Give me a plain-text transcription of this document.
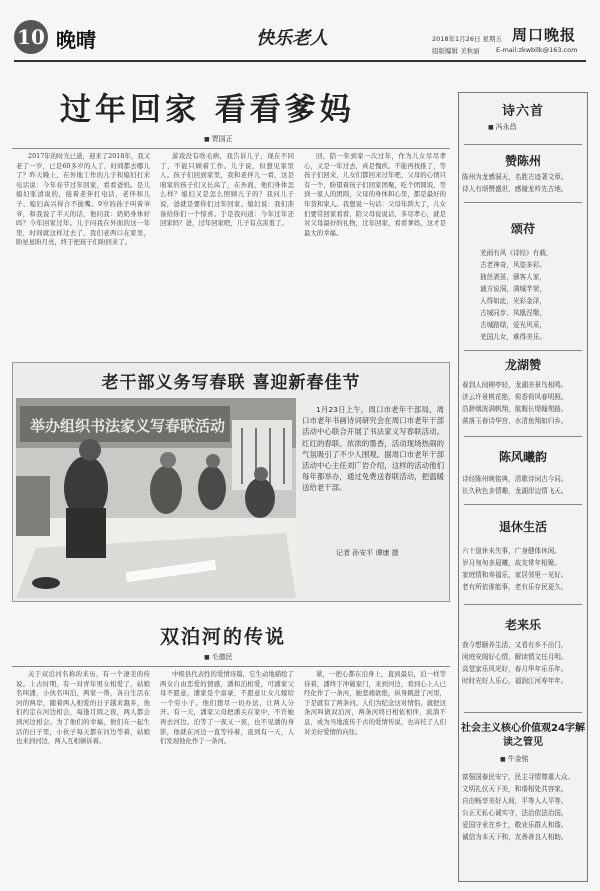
10 晚晴	快乐老人	2018年1月26日 星期五 周口晚报
组版编辑 美秋丽	E-mail:zkwbllk@163.com
过年回家 看看爹妈
■ 贾国正
2017年的时光已逝，迎来了2018年，我又老了一岁，已是60多岁的人了，时间都去哪儿了？昨天晚上，在外地工作的儿子和媳妇打来电话说：今年春节过年回家，看看爸妈。是儿媳妇张清说的，接着老伴打电话，老伴和儿子、媳妇高兴得合不拢嘴。9岁的孙子叫着爷爷，和我说了半天的话，他问我：奶奶身体好吗？今年回家过年。儿子问我在外面的这一年里，时间就这样过去了，我们老两口在家里，盼星星盼月亮，终于把孩子们盼回来了。
游戏没有啥毛病，我告诉儿子，现在不同了，不能只顾着工作。儿子说，但想见家里人。孩子们回到家里，我和老伴儿一看，这是咱家的孩子们又长高了，在外面，他们身体怎么样？媳妇又是怎么照顾儿子的？我问儿子说，爸就是要你们过年回家。媳妇说：我们准备给你们一个惊喜。于是我问道：今年过年还回家吗？爸，过年回家吧，儿子有点害羞了。
回，陪一年到家一次过年，作为儿女尽尽孝心，又是一年过去，真是愧疚。不能再找推了，等孩子们回来，儿女们都回来过年吧，父母的心情只有一个，盼望着孩子们回家团聚，吃个团圆饭，等到一家人的团圆，父母的身体和心里，都是最好的年货和家人。我想说一句话：父母年龄大了，儿女们要常回家看看，陪父母说说话，多尽孝心，就是对父母最好的礼物，过年回家，看看爹妈，这才是最大的幸福。
老干部义务写春联 喜迎新春佳节
举办组织书法家义写春联活动
1月23日上午，周口市老年干部局、周口市老年书画诗词研究会在周口市老年干部活动中心联合开展了书法家义写春联活动。红红的春联、浓浓的墨香，活动现场热闹的气氛吸引了不少人围观。据周口市老年干部活动中心主任刘广岩介绍，这样的活动他们每年都举办，通过免费送春联活动，把温暖送给老干部。
记者 孙安平 谭康 摄
双泊河的传说
■ 毛德民
关于双泊河名称的来历，有一个凄美的传说。上古时期，有一对青年男女相爱了，姑娘名叫潘，小伙名叫泊，两家一帮，各自生活在河的两岸，随着两人相爱的日子越来越多，他们约定在河边相会，每逢月圆之夜，两人都会到河边相会。为了他们的幸福，他们在一起生活的日子里，小伙子每天都在河边等着，姑娘也来到河边，两人互相倾诉着。
中极县代表性的爱情诗篇，它生动地描绘了两女自由恋爱的情感，潘和泊相爱，可潘家父母不愿意，潘家是个富豪，不愿意让女儿嫁给一个穷小子。他们想尽一切办法，让两人分开。有一天，潘家父母把潘关在家中，不许她再去河边。泊等了一夜又一夜，也不见潘的身影，他就在河边一直等待着，直到有一天，人们发现他化作了一条河。
紧，一把心都在泊身上，直到最后，泊一样等待着，潘终于冲破家门，来到河边，看到心上人已经化作了一条河，她悲痛欲绝，纵身跳进了河里，于是就有了两条河。人们为纪念这对情侣，就把这条河叫做双泊河，两条河终日相依相伴，流淌不息，成为当地流传千古的爱情传说，也寄托了人们对美好爱情的向往。
诗六首
■ 冯永昌
赞陈州
陈州为龙感洞天，名胜古迹著文章。
诗人有颂赞盛世，感谢龙吟先古地。
颂苻
羌雨有风《诗经》有载，
古老神奇，风姿多彩。
抽丝剥茧，骚客人家，
通方说洞，满城芊荣，
人得如此，光彩金泽，
古城同步，凤凰涅槃，
古城路绿，爱光风采，
羌国儿女，难得美乐。
龙湖赞
春到人间柳亭轻，龙湖美景鸟相鸣。
济云许景桃花艳，荷香荷风春明照。
浩渺烟波满帆翔，航舰长堤翰苑路。
落落玉春诗华宫，水清鱼翔如归乡。
陈风曦韵
诗经陈州映铭典，清歌诗词古今同。
长久秋色多情趣，龙湖岸边情飞天。
退休生活
六十退休未失事，广身健体休闲。
岁月匆匆多晨曦，故友常年相聚。
家庭情和寿福乐，家居邻里一见好。
老有所依谁能事，老有乐存民更久。
老来乐
我今想颐养生活，又看有乡不出门，
闲庭安阁好心情，解读情文任月明。
高堂家乐风光好，春月华年乐乐年。
时时光好人乐心，福润江河寿年年。
社会主义核心价值观24字解读之管见
■ 牛金铭
富强国泰民安宁，民主寻情尊重大众。
文明礼仪天下美，和谐相处共容家。
自由畅享美好人间，平等人人平等。
公正无私心诚实守，法治依法治国。
爱国守业在乡土，敬业乐群人和谐。
诚信为本天下和，友善善良人相助。
